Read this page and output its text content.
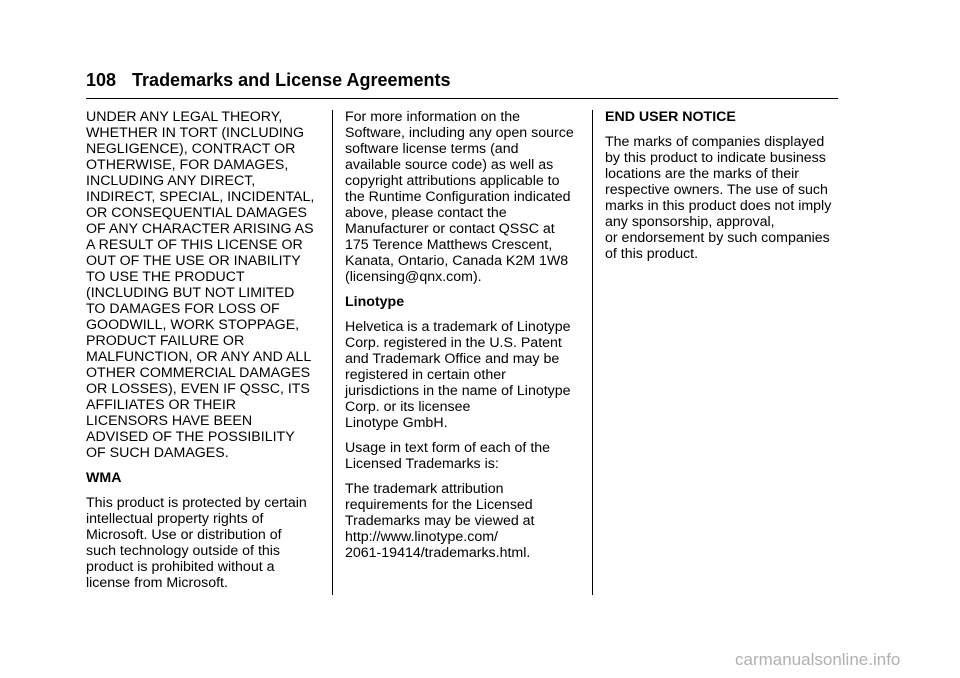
108 Trademarks and License Agreements
UNDER ANY LEGAL THEORY,
WHETHER IN TORT (INCLUDING
NEGLIGENCE), CONTRACT OR
OTHERWISE, FOR DAMAGES,
INCLUDING ANY DIRECT,
INDIRECT, SPECIAL, INCIDENTAL,
OR CONSEQUENTIAL DAMAGES
OF ANY CHARACTER ARISING AS
A RESULT OF THIS LICENSE OR
OUT OF THE USE OR INABILITY
TO USE THE PRODUCT
(INCLUDING BUT NOT LIMITED
TO DAMAGES FOR LOSS OF
GOODWILL, WORK STOPPAGE,
PRODUCT FAILURE OR
MALFUNCTION, OR ANY AND ALL
OTHER COMMERCIAL DAMAGES
OR LOSSES), EVEN IF QSSC, ITS
AFFILIATES OR THEIR
LICENSORS HAVE BEEN
ADVISED OF THE POSSIBILITY
OF SUCH DAMAGES.
WMA
This product is protected by certain
intellectual property rights of
Microsoft. Use or distribution of
such technology outside of this
product is prohibited without a
license from Microsoft.
For more information on the
Software, including any open source
software license terms (and
available source code) as well as
copyright attributions applicable to
the Runtime Configuration indicated
above, please contact the
Manufacturer or contact QSSC at
175 Terence Matthews Crescent,
Kanata, Ontario, Canada K2M 1W8
(licensing@qnx.com).
Linotype
Helvetica is a trademark of Linotype
Corp. registered in the U.S. Patent
and Trademark Office and may be
registered in certain other
jurisdictions in the name of Linotype
Corp. or its licensee
Linotype GmbH.
Usage in text form of each of the
Licensed Trademarks is:
The trademark attribution
requirements for the Licensed
Trademarks may be viewed at
http://www.linotype.com/
2061-19414/trademarks.html.
END USER NOTICE
The marks of companies displayed
by this product to indicate business
locations are the marks of their
respective owners. The use of such
marks in this product does not imply
any sponsorship, approval,
or endorsement by such companies
of this product.
carmanualsonline.info
